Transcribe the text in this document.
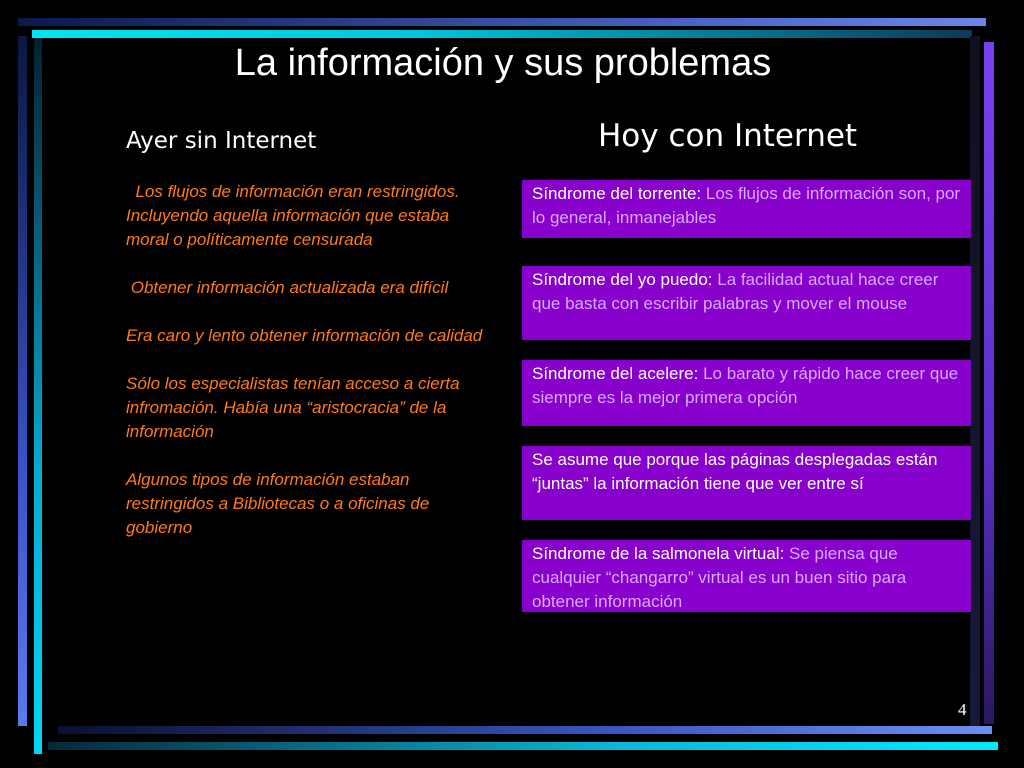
La información y sus problemas
Ayer sin Internet	Hoy con Internet

Los flujos de información eran restringidos. Incluyendo aquella información que estaba moral o políticamente censurada

Obtener información actualizada era difícil

Era caro y lento obtener información de calidad

Sólo los especialistas tenían acceso a cierta infromación. Había una “aristocracia” de la información

Algunos tipos de información estaban restringidos a Bibliotecas o a oficinas de gobierno

Síndrome del torrente: Los flujos de información son, por lo general, inmanejables
Síndrome del yo puedo: La facilidad actual hace creer que basta con escribir palabras y mover el mouse
Síndrome del acelere: Lo barato y rápido hace creer que siempre es la mejor primera opción
Se asume que porque las páginas desplegadas están “juntas” la información tiene que ver entre sí
Síndrome de la salmonela virtual: Se piensa que cualquier “changarro” virtual es un buen sitio para obtener información
4
